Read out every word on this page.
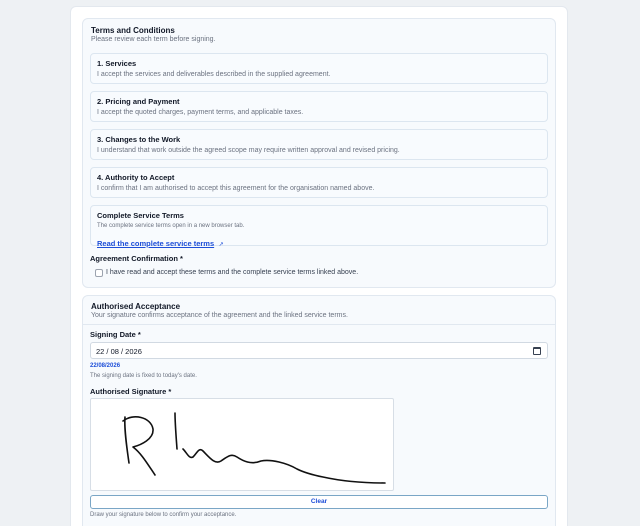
Terms and Conditions
Please review each term before signing.
1. Services
I accept the services and deliverables described in the supplied agreement.
2. Pricing and Payment
I accept the quoted charges, payment terms, and applicable taxes.
3. Changes to the Work
I understand that work outside the agreed scope may require written approval and revised pricing.
4. Authority to Accept
I confirm that I am authorised to accept this agreement for the organisation named above.
Complete Service Terms
The complete service terms open in a new browser tab.
Read the complete service terms ↗
Agreement Confirmation *
I have read and accept these terms and the complete service terms linked above.
Authorised Acceptance
Your signature confirms acceptance of the agreement and the linked service terms.
Signing Date *
22 / 08 / 2026
22/08/2026
The signing date is fixed to today's date.
Authorised Signature *
Clear
Draw your signature below to confirm your acceptance.
